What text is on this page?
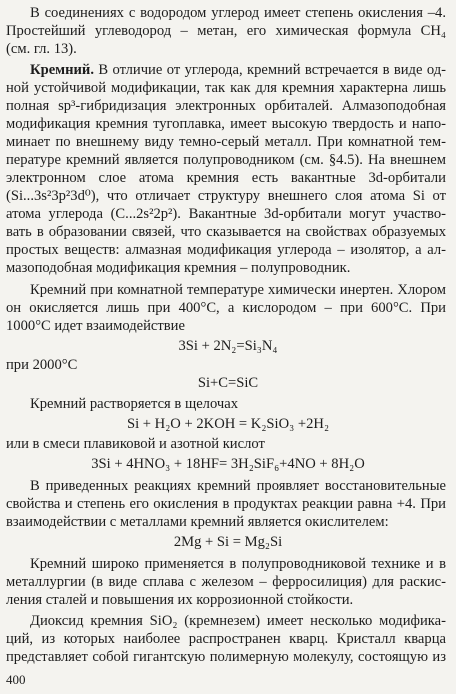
В соединениях с водородом углерод имеет степень окисления –4.
Простейший углеводород – метан, его химическая формула CH₄
(см. гл. 13).
Кремний. В отличие от углерода, кремний встречается в виде од-
ной устойчивой модификации, так как для кремния характерна лишь
полная sp³-гибридизация электронных орбиталей. Алмазоподобная
модификация кремния тугоплавка, имеет высокую твердость и напо-
минает по внешнему виду темно-серый металл. При комнатной тем-
пературе кремний является полупроводником (см. §4.5). На внешнем
электронном слое атома кремния есть вакантные 3d-орбитали
(Si...3s²3p²3d⁰), что отличает структуру внешнего слоя атома Si от
атома углерода (C...2s²2p²). Вакантные 3d-орбитали могут участво-
вать в образовании связей, что сказывается на свойствах образуемых
простых веществ: алмазная модификация углерода – изолятор, а ал-
мазоподобная модификация кремния – полупроводник.
Кремний при комнатной температуре химически инертен. Хлором
он окисляется лишь при 400°C, а кислородом – при 600°C. При
1000°C идет взаимодействие
3Si + 2N₂=Si₃N₄
при 2000°C
Si+C=SiC
Кремний растворяется в щелочах
Si + H₂O + 2KOH = K₂SiO₃ +2H₂
или в смеси плавиковой и азотной кислот
3Si + 4HNO₃ + 18HF= 3H₂SiF₆+4NO + 8H₂O
В приведенных реакциях кремний проявляет восстановительные
свойства и степень его окисления в продуктах реакции равна +4. При
взаимодействии с металлами кремний является окислителем:
2Mg + Si = Mg₂Si
Кремний широко применяется в полупроводниковой технике и в
металлургии (в виде сплава с железом – ферросилиция) для раскис-
ления сталей и повышения их коррозионной стойкости.
Диоксид кремния SiO₂ (кремнезем) имеет несколько модифика-
ций, из которых наиболее распространен кварц. Кристалл кварца
представляет собой гигантскую полимерную молекулу, состоящую из
400
